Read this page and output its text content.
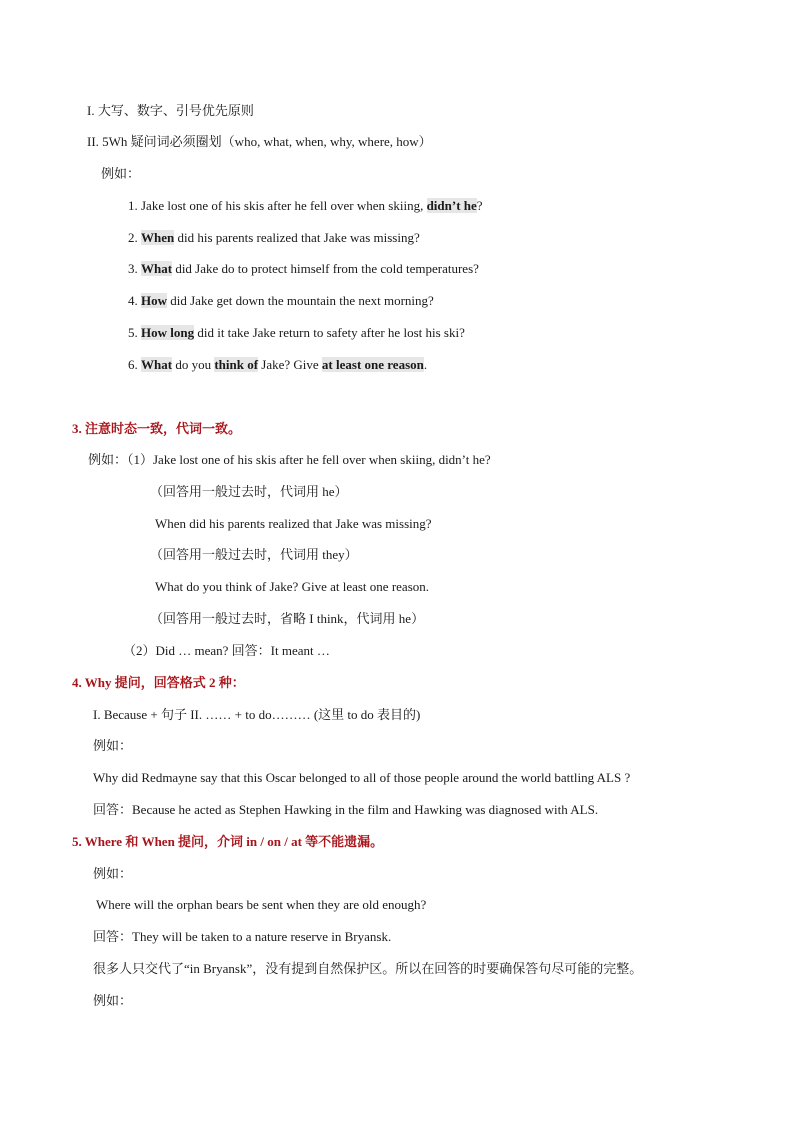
I. 大写、数字、引号优先原则
II. 5Wh 疑问词必须圈划（who, what, when, why, where, how）
例如：
1. Jake lost one of his skis after he fell over when skiing, didn’t he?
2. When did his parents realized that Jake was missing?
3. What did Jake do to protect himself from the cold temperatures?
4. How did Jake get down the mountain the next morning?
5. How long did it take Jake return to safety after he lost his ski?
6. What do you think of Jake? Give at least one reason.
3. 注意时态一致，代词一致。
例如：（1）Jake lost one of his skis after he fell over when skiing, didn’t he?
（回答用一般过去时，代词用 he）
When did his parents realized that Jake was missing?
（回答用一般过去时，代词用 they）
What do you think of Jake? Give at least one reason.
（回答用一般过去时，省略 I think，代词用 he）
（2）Did … mean? 回答：It meant …
4. Why 提问，回答格式 2 种：
I. Because + 句子 II. …… + to do……… (这里 to do 表目的)
例如：
Why did Redmayne say that this Oscar belonged to all of those people around the world battling ALS ?
回答：Because he acted as Stephen Hawking in the film and Hawking was diagnosed with ALS.
5. Where 和 When 提问，介词 in / on / at 等不能遗漏。
例如：
Where will the orphan bears be sent when they are old enough?
回答：They will be taken to a nature reserve in Bryansk.
很多人只交代了“in Bryansk”，没有提到自然保护区。所以在回答的时要确保答句尽可能的完整。
例如：
